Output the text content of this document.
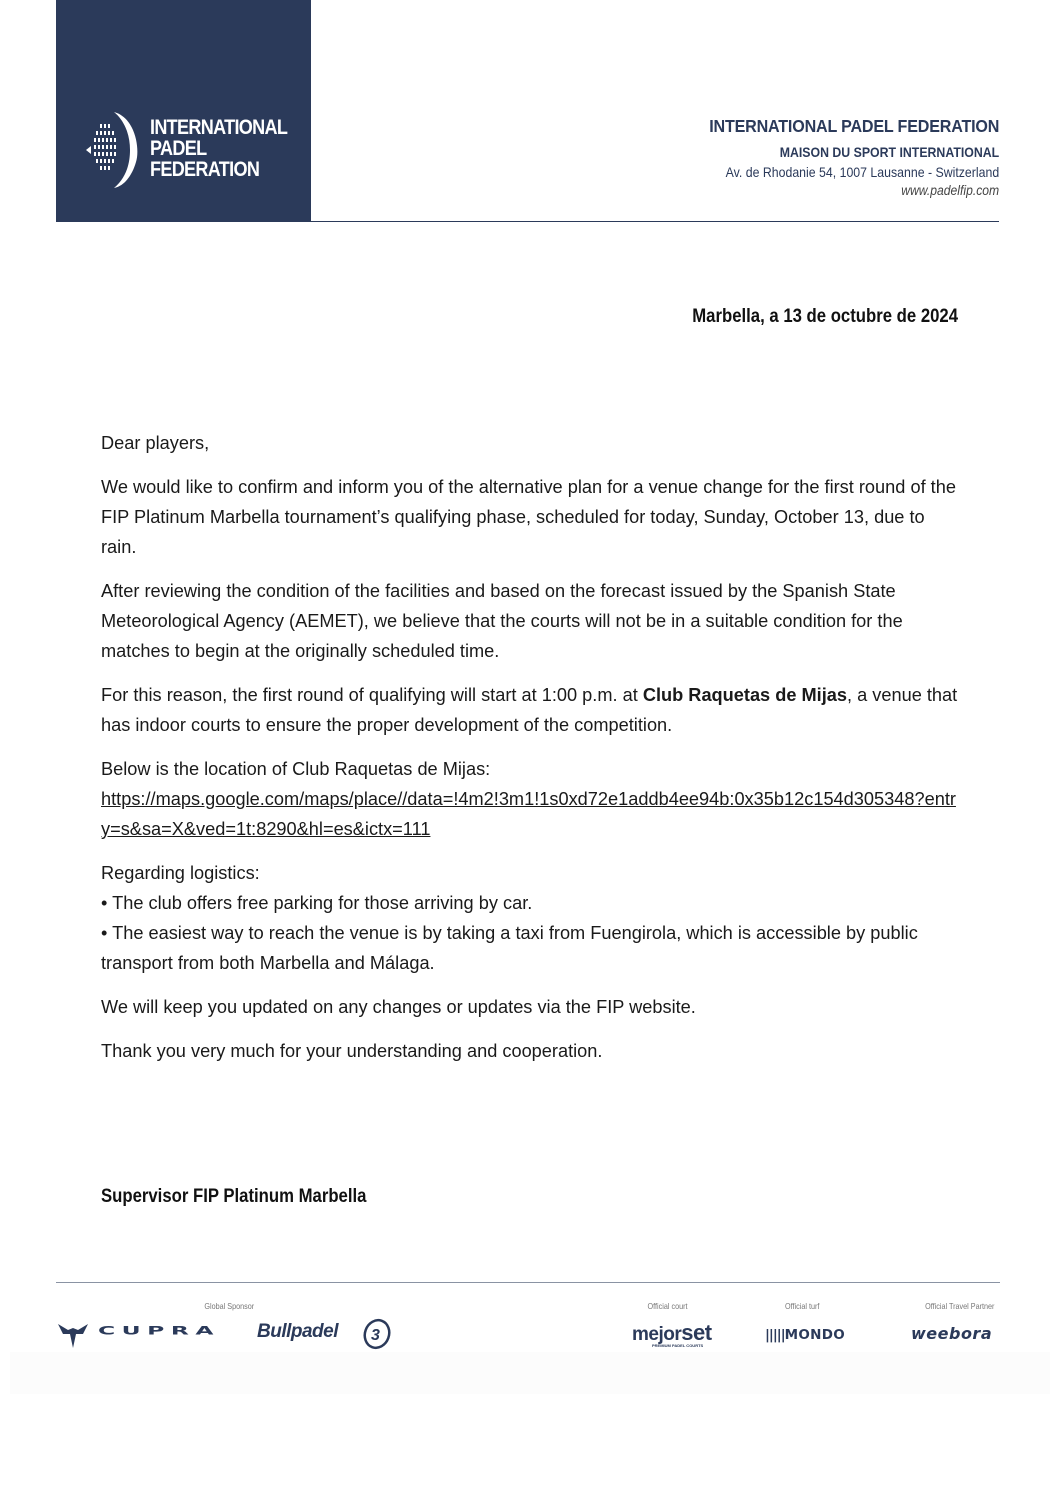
INTERNATIONAL
PADEL
FEDERATION
INTERNATIONAL PADEL FEDERATION
MAISON DU SPORT INTERNATIONAL
Av. de Rhodanie 54, 1007 Lausanne - Switzerland
www.padelfip.com
Marbella, a 13 de octubre de 2024

Dear players,

We would like to confirm and inform you of the alternative plan for a venue change for the first round of the FIP Platinum Marbella tournament’s qualifying phase, scheduled for today, Sunday, October 13, due to rain.

After reviewing the condition of the facilities and based on the forecast issued by the Spanish State Meteorological Agency (AEMET), we believe that the courts will not be in a suitable condition for the matches to begin at the originally scheduled time.

For this reason, the first round of qualifying will start at 1:00 p.m. at Club Raquetas de Mijas, a venue that has indoor courts to ensure the proper development of the competition.

Below is the location of Club Raquetas de Mijas:
https://maps.google.com/maps/place//data=!4m2!3m1!1s0xd72e1addb4ee94b:0x35b12c154d305348?entry=s&sa=X&ved=1t:8290&hl=es&ictx=111

Regarding logistics:
• The club offers free parking for those arriving by car.
• The easiest way to reach the venue is by taking a taxi from Fuengirola, which is accessible by public transport from both Marbella and Málaga.

We will keep you updated on any changes or updates via the FIP website.

Thank you very much for your understanding and cooperation.

Supervisor FIP Platinum Marbella
Global Sponsor	Official court	Official turf	Official Travel Partner
CUPRA Bullpadel 3	mejorset
PREMIUM PADEL COURTS
|||||MONDO	weebora
